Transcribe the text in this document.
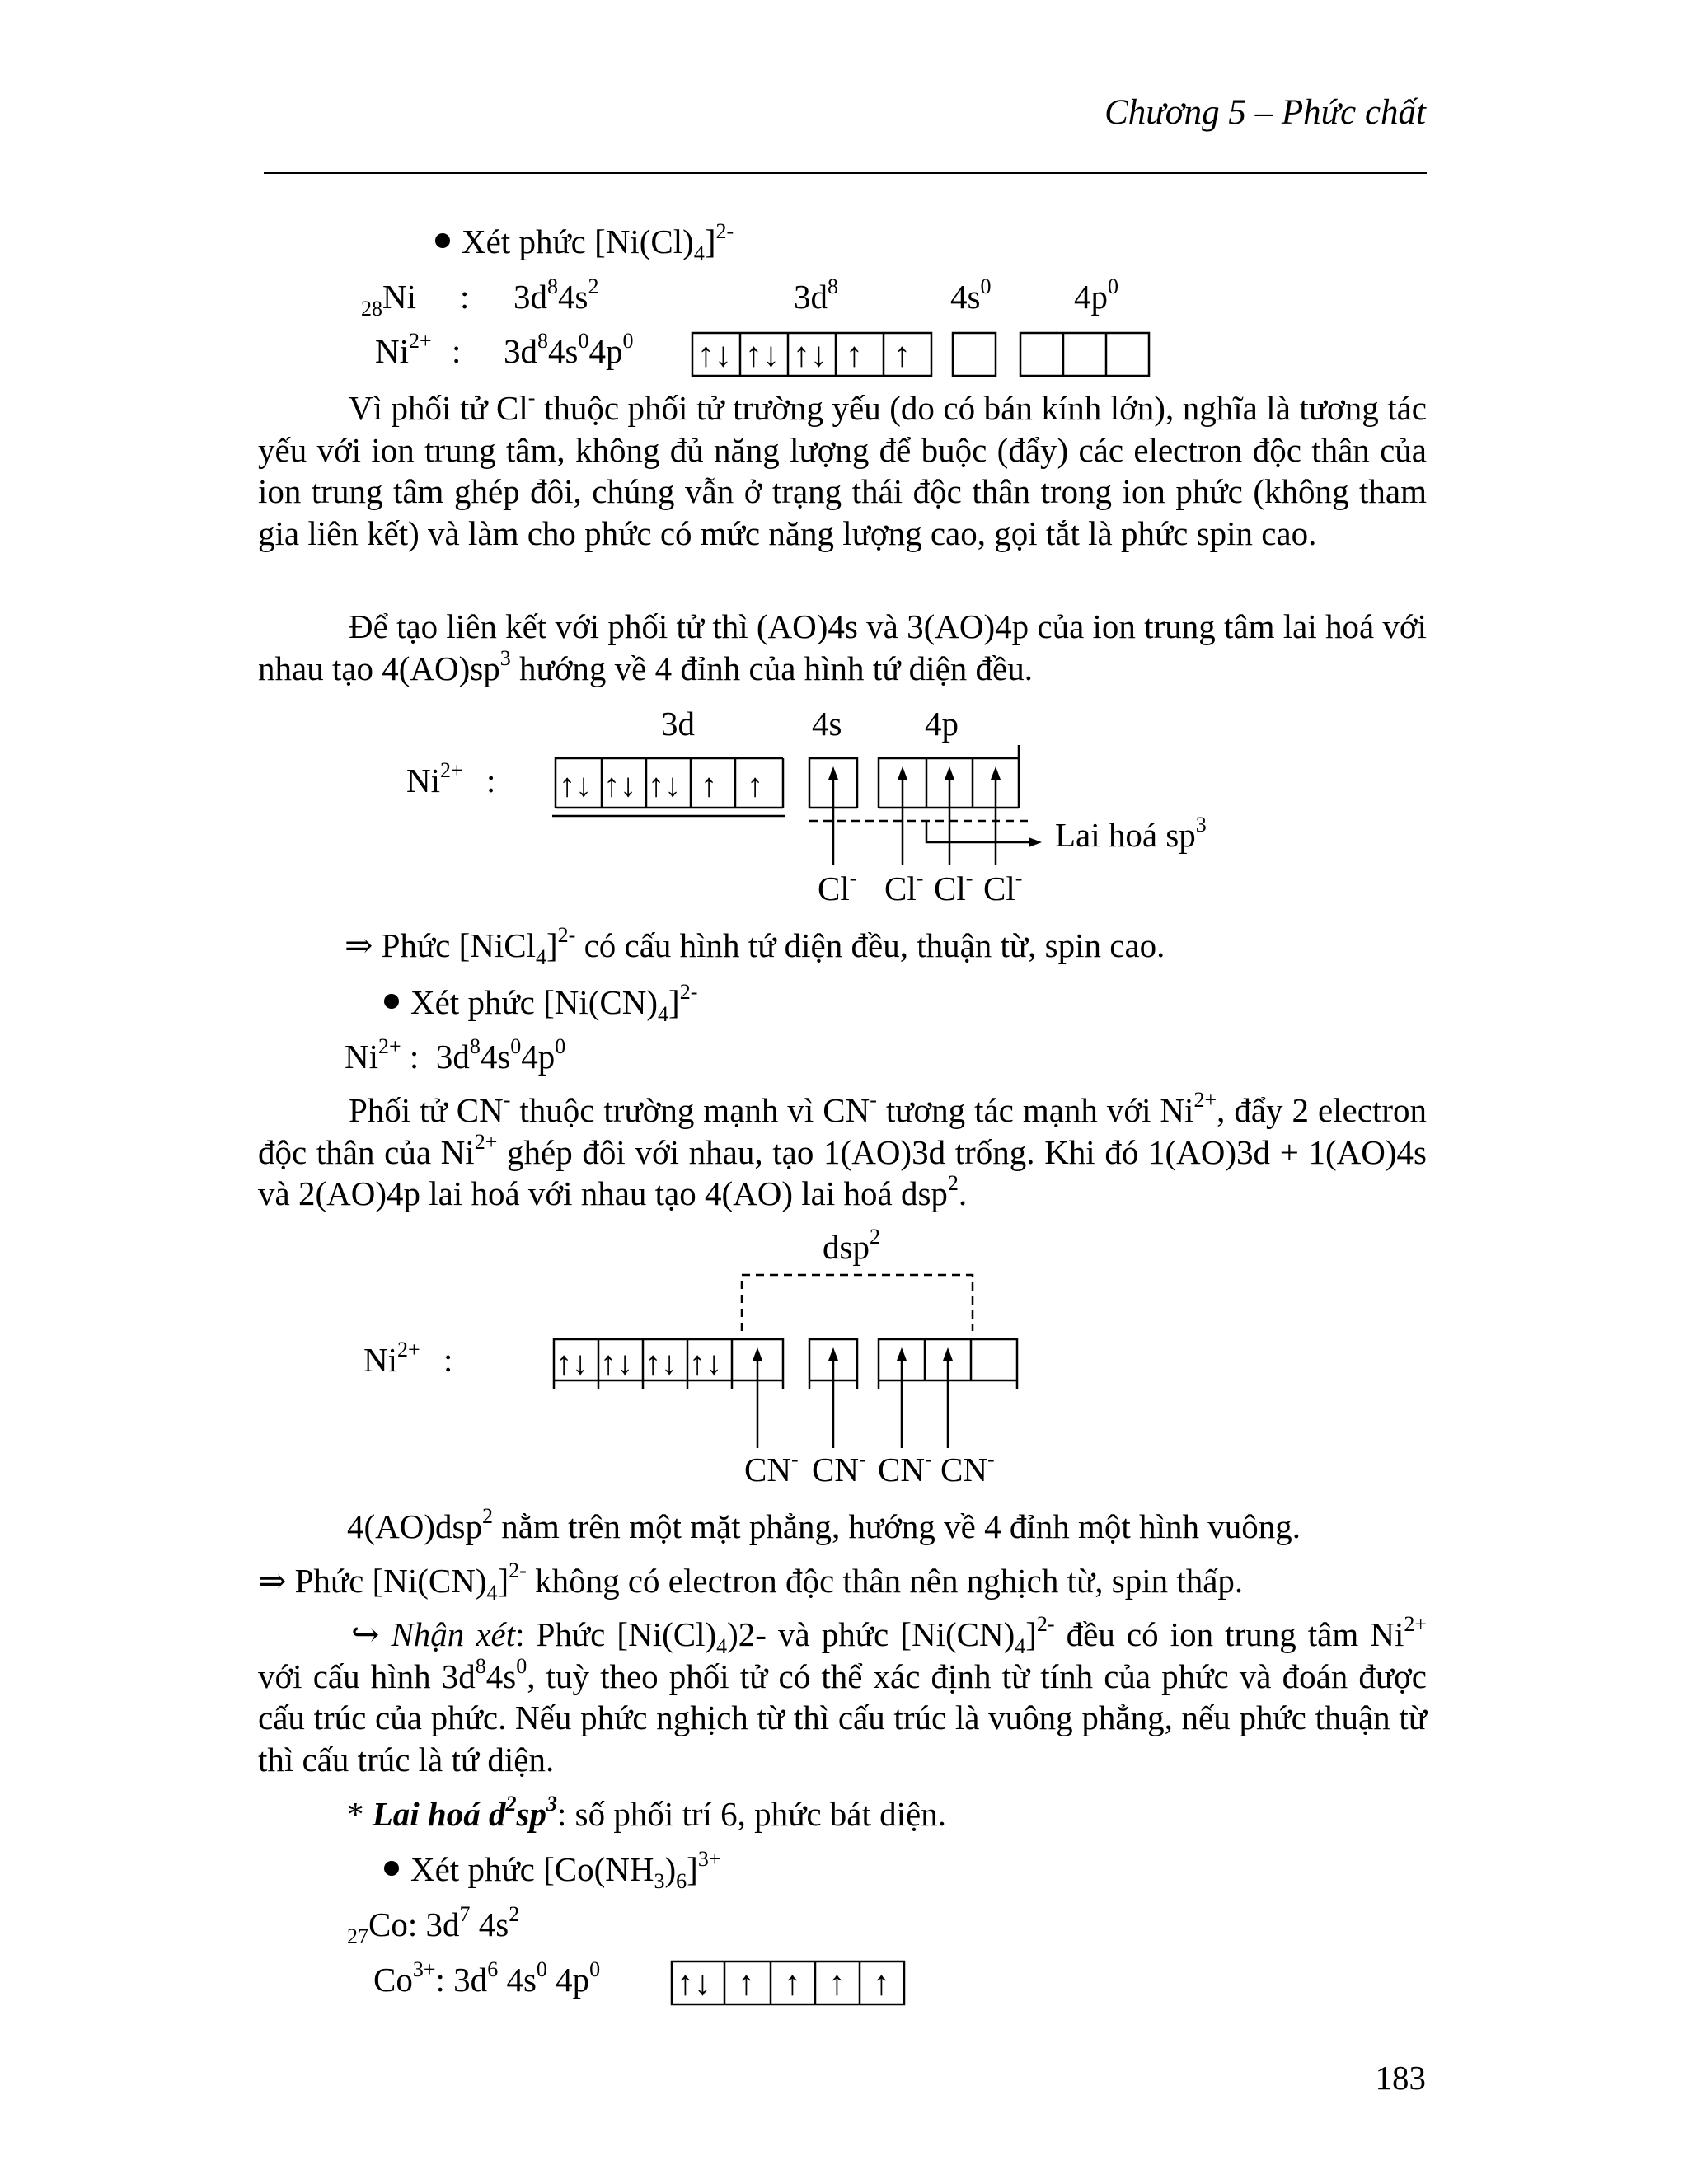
Chương 5 – Phức chất
Xét phức $[Ni(Cl)_4]^{2-}$
$_{28}$Ni : $3d^84s^2$	$3d^8$	$4s^0$ $4p^0$
$Ni^{2+}$ : $3d^84s^04p^0$ ↑↓ ↑↓ ↑↓ ↑ ↑
Vì phối tử Cl- thuộc phối tử trường yếu (do có bán kính lớn), nghĩa là tương tác yếu với ion trung tâm, không đủ năng lượng để buộc (đẩy) các electron độc thân của ion trung tâm ghép đôi, chúng vẫn ở trạng thái độc thân trong ion phức (không tham gia liên kết) và làm cho phức có mức năng lượng cao, gọi tắt là phức spin cao.
Để tạo liên kết với phối tử thì (AO)4s và 3(AO)4p của ion trung tâm lai hoá với nhau tạo $4(AO)sp^3$ hướng về 4 đỉnh của hình tứ diện đều.
3d	4s 4p
$Ni^{2+}$ : ↑↓ ↑↓ ↑↓ ↑ ↑
Lai hoá $sp^3$
Cl- Cl- Cl- Cl-
⇒ Phức [NiCl$_4$]$^{2-}$ có cấu hình tứ diện đều, thuận từ, spin cao.
Xét phức $[Ni(CN)_4]^{2-}$
$Ni^{2+}$ : $3d^84s^04p^0$
Phối tử CN- thuộc trường mạnh vì CN- tương tác mạnh với $Ni^{2+}$, đẩy 2 electron độc thân của $Ni^{2+}$ ghép đôi với nhau, tạo 1(AO)3d trống. Khi đó 1(AO)3d + 1(AO)4s và 2(AO)4p lai hoá với nhau tạo 4(AO) lai hoá dsp$^2$.
dsp$^2$
$Ni^{2+}$ :	↑↓ ↑↓ ↑↓ ↑↓
CN- CN- CN- CN-
4(AO)dsp$^2$ nằm trên một mặt phẳng, hướng về 4 đỉnh một hình vuông.
⇒ Phức $[Ni(CN)_4]^{2-}$ không có electron độc thân nên nghịch từ, spin thấp.
↪ Nhận xét: Phức $[Ni(Cl)_4)2-$ và phức $[Ni(CN)_4]^{2-}$ đều có ion trung tâm $Ni^{2+}$ với cấu hình $3d^84s^0$, tuỳ theo phối tử có thể xác định từ tính của phức và đoán được cấu trúc của phức. Nếu phức nghịch từ thì cấu trúc là vuông phẳng, nếu phức thuận từ thì cấu trúc là tứ diện.
* Lai hoá $d^2sp^3$: số phối trí 6, phức bát diện.
Xét phức $[Co(NH_3)_6]^{3+}$
$_{27}$Co: $3d^7$ $4s^2$
$Co^{3+}$: $3d^6$ $4s^0$ $4p^0$ ↑↓ ↑ ↑ ↑ ↑
183
